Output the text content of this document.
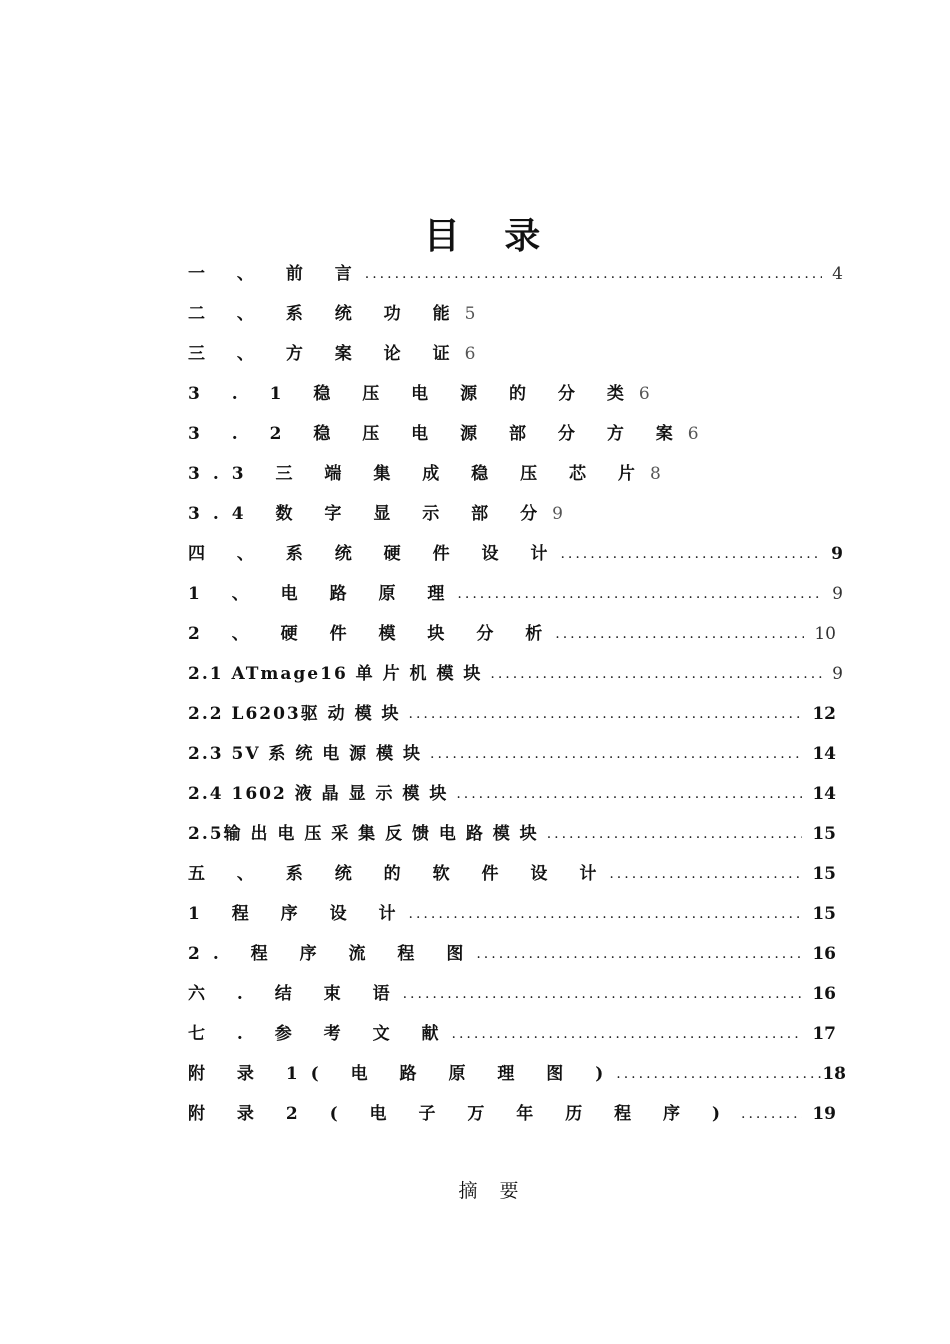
目 录
一 、 前 言 .....	4
二 、 系 统 功 能 5
三 、 方 案 论 证 6
3 . 1 稳 压 电 源 的 分 类 6
3 . 2 稳 压 电 源 部 分 方 案 6
3.3 三 端 集 成 稳 压 芯 片 8
3.4 数 字 显 示 部 分 9
四 、 系 统 硬 件 设 计 .....	9
1 、 电 路 原 理 .....	9
2 、 硬 件 模 块 分 析 .....	10
2.1 ATmage16 单 片 机 模 块 .....	9
2.2 L6203驱 动 模 块 .....	12
2.3 5V 系 统 电 源 模 块 .....	14
2.4 1602 液 晶 显 示 模 块 .....	14
2.5输 出 电 压 采 集 反 馈 电 路 模 块 .....	15
五 、 系 统 的 软 件 设 计 .....	15
1 程 序 设 计 .....	15
2. 程 序 流 程 图 .....	16
六 . 结 束 语 .....	16
七 . 参 考 文 献 .....	17
附 录 1( 电 路 原 理 图 ) .....	18
附 录 2 ( 电 子 万 年 历 程 序 ) .....	19
摘 要
